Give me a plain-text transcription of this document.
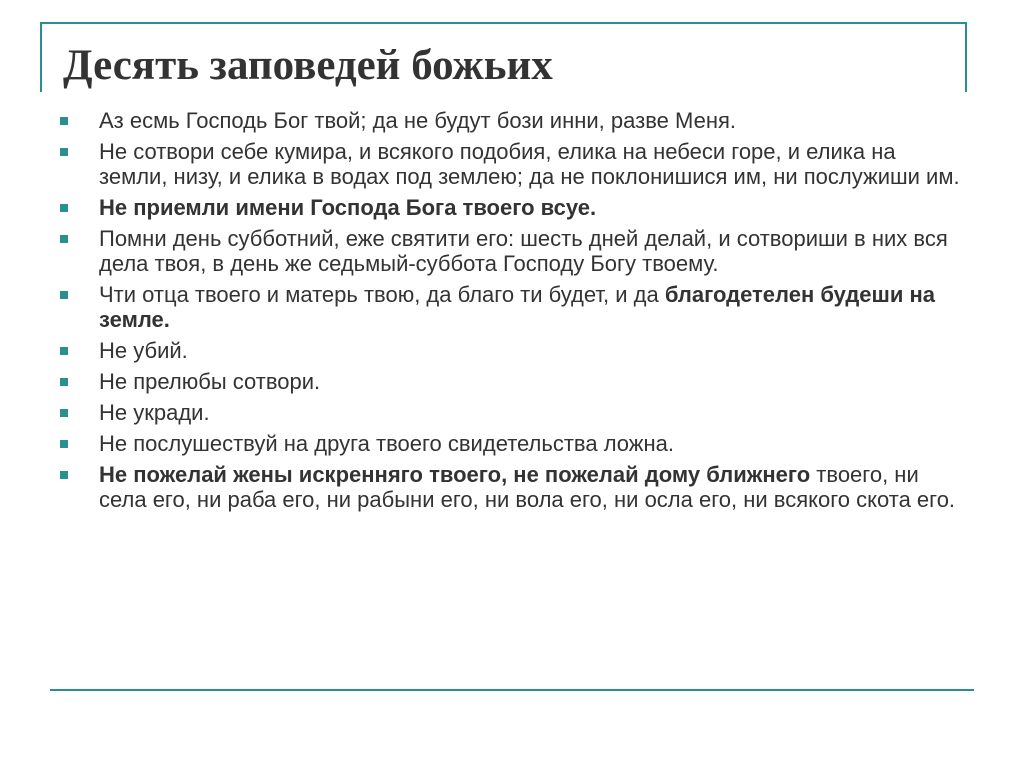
Десять заповедей божьих
Аз есмь Господь Бог твой; да не будут бози инни, разве Меня.
Не сотвори себе кумира, и всякого подобия, елика на небеси горе, и елика на земли, низу, и елика в водах под землею; да не поклонишися им, ни послужиши им.
Не приемли имени Господа Бога твоего всуе.
Помни день субботний, еже святити его: шесть дней делай, и сотвориши в них вся дела твоя, в день же седьмый-суббота Господу Богу твоему.
Чти отца твоего и матерь твою, да благо ти будет, и да благодетелен будеши на земле.
Не убий.
Не прелюбы сотвори.
Не укради.
Не послушествуй на друга твоего свидетельства ложна.
Не пожелай жены искренняго твоего, не пожелай дому ближнего твоего, ни села его, ни раба его, ни рабыни его, ни вола его, ни осла его, ни всякого скота его.
